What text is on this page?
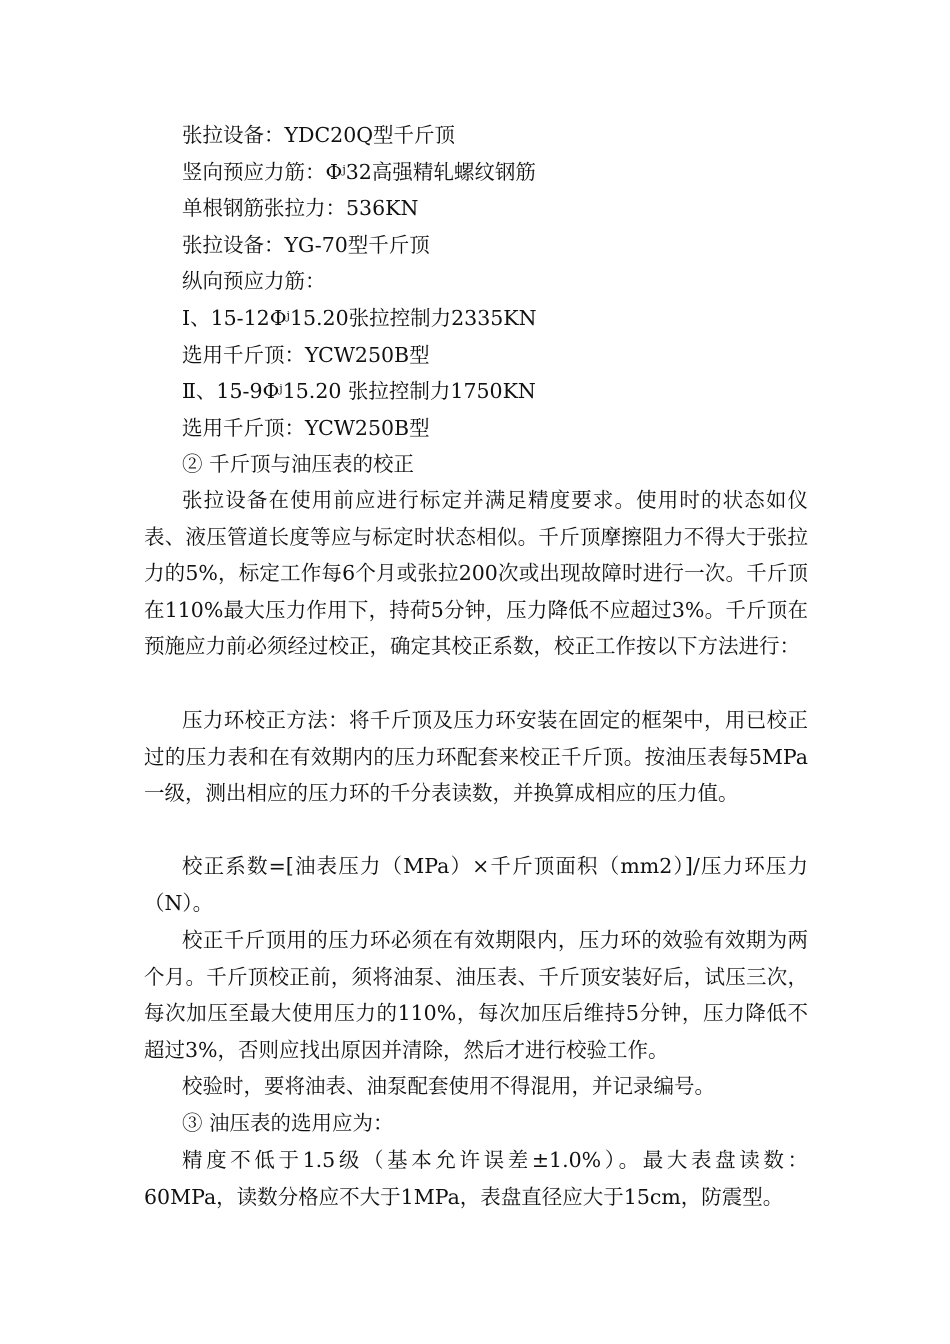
张拉设备：YDC20Q型千斤顶

竖向预应力筋：$\Phi^j32$高强精轧螺纹钢筋

单根钢筋张拉力：536KN

张拉设备：YG-70型千斤顶

纵向预应力筋：

Ⅰ、$15-12\Phi^j15.20$张拉控制力2335KN

选用千斤顶：YCW250B型

Ⅱ、$15-9\Phi^j15.20$ 张拉控制力1750KN

选用千斤顶：YCW250B型

② 千斤顶与油压表的校正

张拉设备在使用前应进行标定并满足精度要求。使用时的状态如仪表、液压管道长度等应与标定时状态相似。千斤顶摩擦阻力不得大于张拉力的5%，标定工作每6个月或张拉200次或出现故障时进行一次。千斤顶在110%最大压力作用下，持荷5分钟，压力降低不应超过3%。千斤顶在预施应力前必须经过校正，确定其校正系数，校正工作按以下方法进行：

压力环校正方法：将千斤顶及压力环安装在固定的框架中，用已校正过的压力表和在有效期内的压力环配套来校正千斤顶。按油压表每5MPa一级，测出相应的压力环的千分表读数，并换算成相应的压力值。

校正系数=[油表压力（MPa）×千斤顶面积（mm2）]/压力环压力（N）。

校正千斤顶用的压力环必须在有效期限内，压力环的效验有效期为两个月。千斤顶校正前，须将油泵、油压表、千斤顶安装好后，试压三次，每次加压至最大使用压力的110%，每次加压后维持5分钟，压力降低不超过3%，否则应找出原因并清除，然后才进行校验工作。

校验时，要将油表、油泵配套使用不得混用，并记录编号。

③ 油压表的选用应为：

精度不低于1.5级（基本允许误差±1.0%）。最大表盘读数：60MPa，读数分格应不大于1MPa，表盘直径应大于15cm，防震型。
